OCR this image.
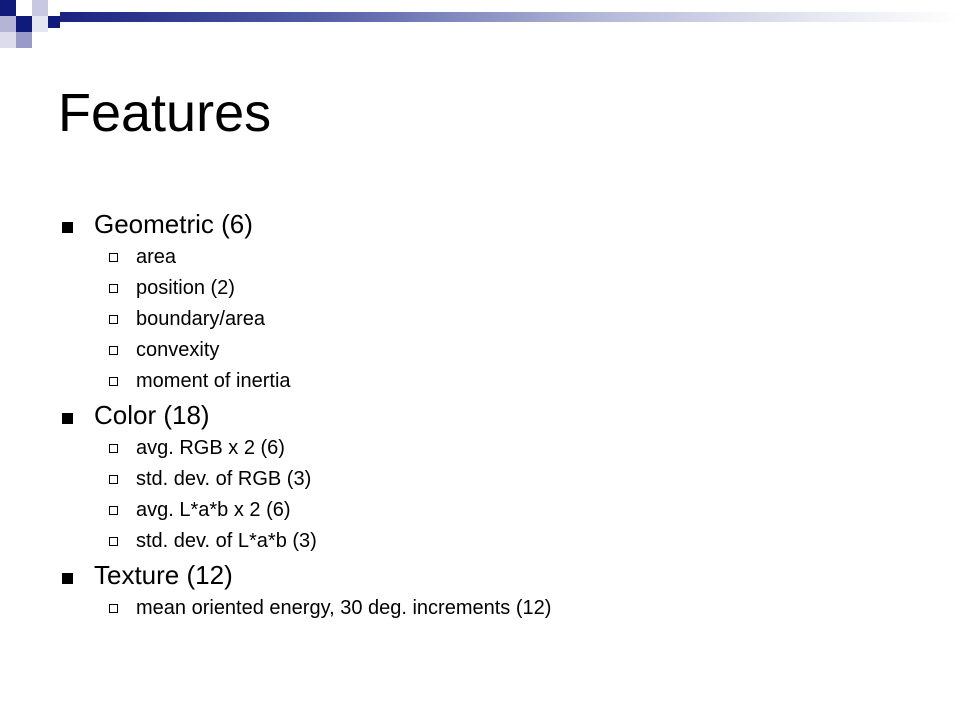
Features

Geometric (6)

area

position (2)

boundary/area

convexity

moment of inertia

Color (18)

avg. RGB x 2 (6)

std. dev. of RGB (3)

avg. L*a*b x 2 (6)

std. dev. of L*a*b (3)

Texture (12)

mean oriented energy, 30 deg. increments (12)
